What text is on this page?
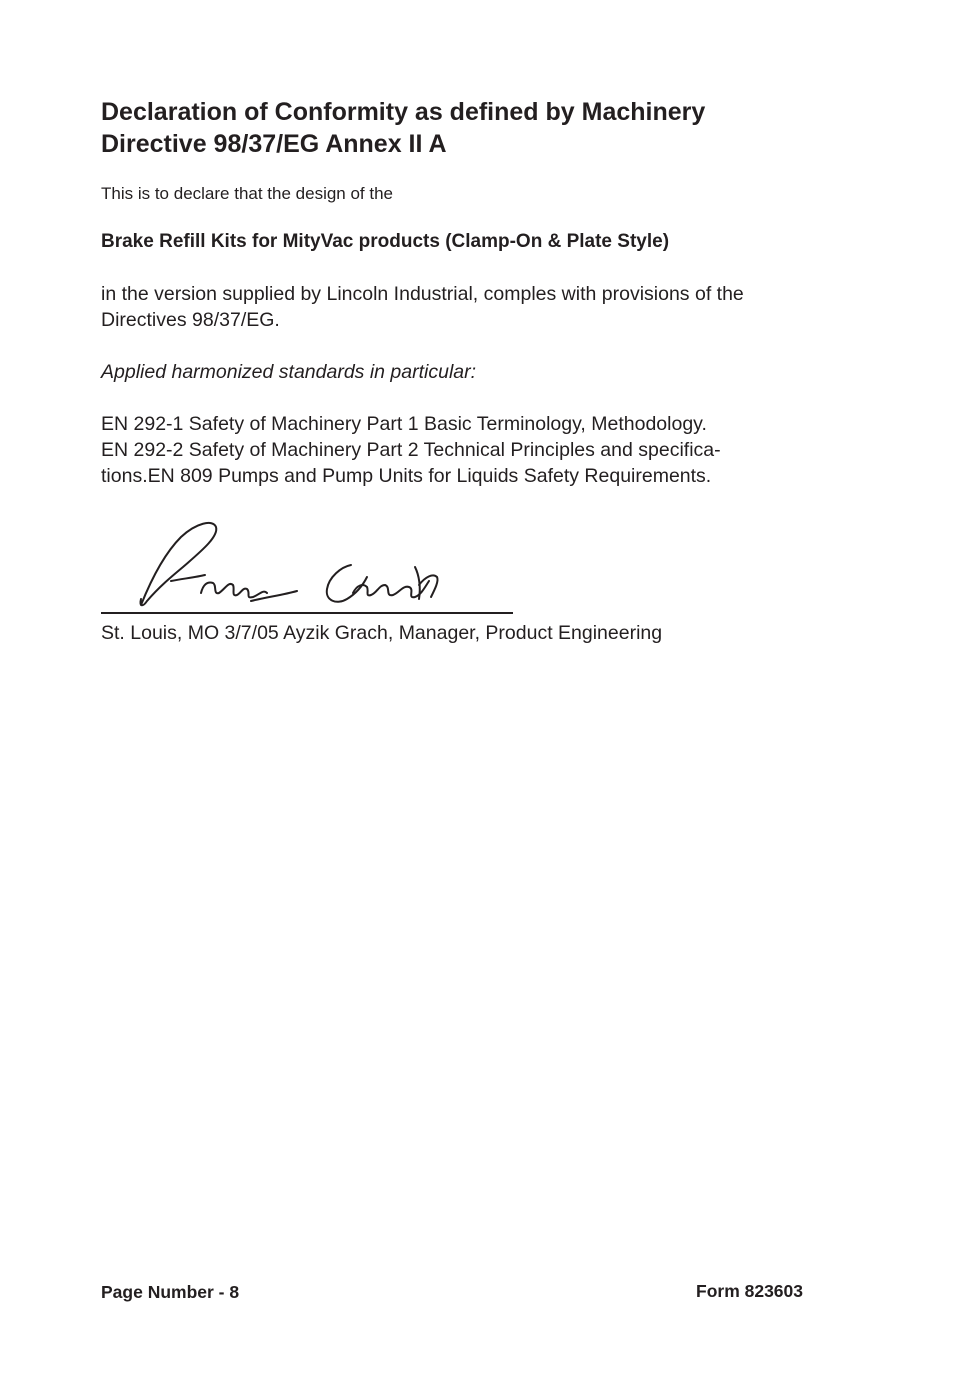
Declaration of Conformity as defined by Machinery
Directive 98/37/EG Annex II A

This is to declare that the design of the

Brake Refill Kits for MityVac products (Clamp-On & Plate Style)

in the version supplied by Lincoln Industrial, comples with provisions of the
Directives 98/37/EG.

Applied harmonized standards in particular:

EN 292-1 Safety of Machinery Part 1 Basic Terminology, Methodology.
EN 292-2 Safety of Machinery Part 2 Technical Principles and specifica-
tions.EN 809 Pumps and Pump Units for Liquids Safety Requirements.

St. Louis, MO 3/7/05 Ayzik Grach, Manager, Product Engineering

Page Number - 8	Form 823603
